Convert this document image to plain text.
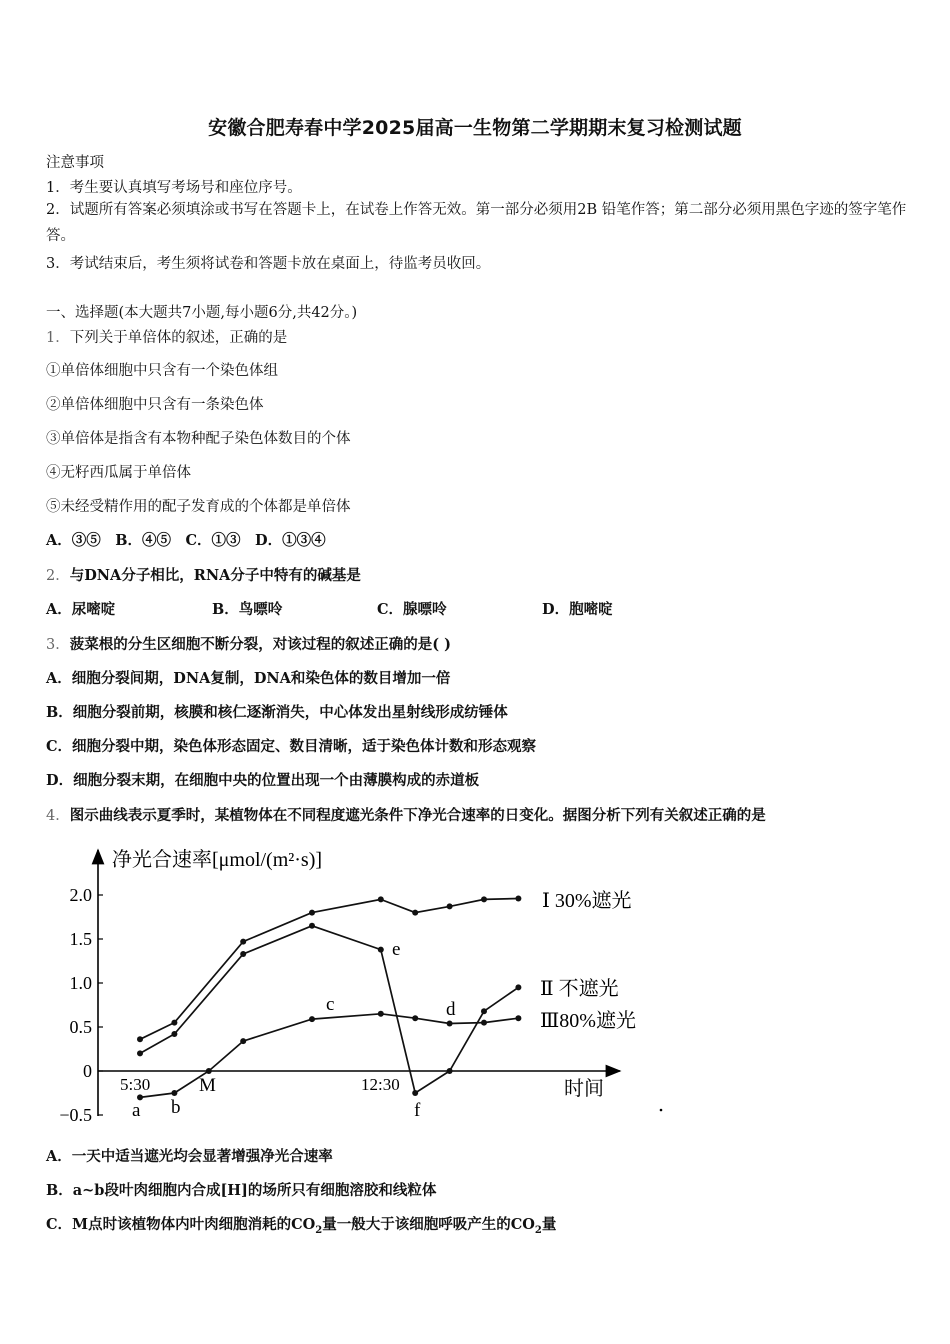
安徽合肥寿春中学2025届高一生物第二学期期末复习检测试题
注意事项
1．考生要认真填写考场号和座位序号。
2．试题所有答案必须填涂或书写在答题卡上，在试卷上作答无效。第一部分必须用2B 铅笔作答；第二部分必须用黑色字迹的签字笔作答。
3．考试结束后，考生须将试卷和答题卡放在桌面上，待监考员收回。
一、选择题(本大题共7小题,每小题6分,共42分。)
1．下列关于单倍体的叙述，正确的是
①单倍体细胞中只含有一个染色体组
②单倍体细胞中只含有一条染色体
③单倍体是指含有本物种配子染色体数目的个体
④无籽西瓜属于单倍体
⑤未经受精作用的配子发育成的个体都是单倍体
A．③⑤　B．④⑤　C．①③　D．①③④
2．与DNA分子相比，RNA分子中特有的碱基是
A．尿嘧啶	B．鸟嘌呤	C．腺嘌呤	D．胞嘧啶
3．菠菜根的分生区细胞不断分裂，对该过程的叙述正确的是( )
A．细胞分裂间期，DNA复制，DNA和染色体的数目增加一倍
B．细胞分裂前期，核膜和核仁逐渐消失，中心体发出星射线形成纺锤体
C．细胞分裂中期，染色体形态固定、数目清晰，适于染色体计数和形态观察
D．细胞分裂末期，在细胞中央的位置出现一个由薄膜构成的赤道板
4．图示曲线表示夏季时，某植物体在不同程度遮光条件下净光合速率的日变化。据图分析下列有关叙述正确的是
2.0
1.5
1.0
0.5
0
−0.5
净光合速率[μmol/(m²·s)]
时间
5:30	12:30
a b
M
c	d
e
f
Ⅰ 30%遮光
Ⅱ 不遮光
Ⅲ80%遮光
A．一天中适当遮光均会显著增强净光合速率
B．a~b段叶肉细胞内合成[H]的场所只有细胞溶胶和线粒体
C．M点时该植物体内叶肉细胞消耗的$CO_2$量一般大于该细胞呼吸产生的$CO_2$量
